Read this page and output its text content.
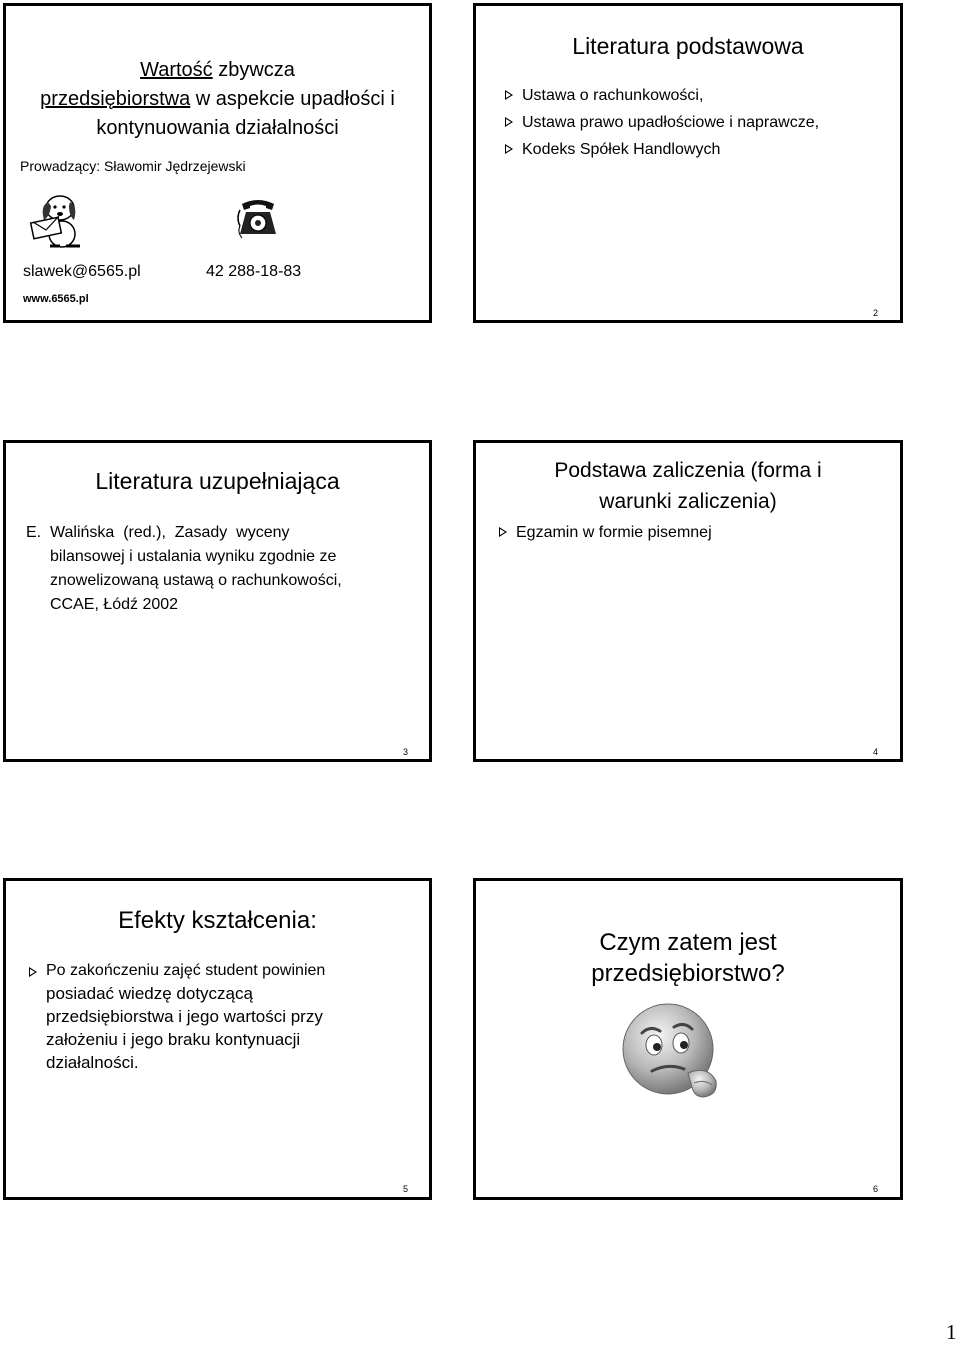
Wartość zbywcza
przedsiębiorstwa w aspekcie upadłości i
kontynuowania działalności
Prowadzący: Sławomir Jędrzejewski
slawek@6565.pl	42 288-18-83
www.6565.pl
Literatura podstawowa
Ustawa o rachunkowości,
Ustawa prawo upadłościowe i naprawcze,
Kodeks Spółek Handlowych
2
Literatura uzupełniająca
E.  Walińska  (red.),  Zasady  wyceny
bilansowej i ustalania wyniku zgodnie ze
znowelizowaną ustawą o rachunkowości,
CCAE, Łódź 2002
3
Podstawa zaliczenia (forma i
warunki zaliczenia)
Egzamin w formie pisemnej
4
Efekty kształcenia:
Po zakończeniu zajęć student powinien
posiadać wiedzę dotyczącą
przedsiębiorstwa i jego wartości przy
założeniu i jego braku kontynuacji
działalności.
5
Czym zatem jest
przedsiębiorstwo?
6
1
